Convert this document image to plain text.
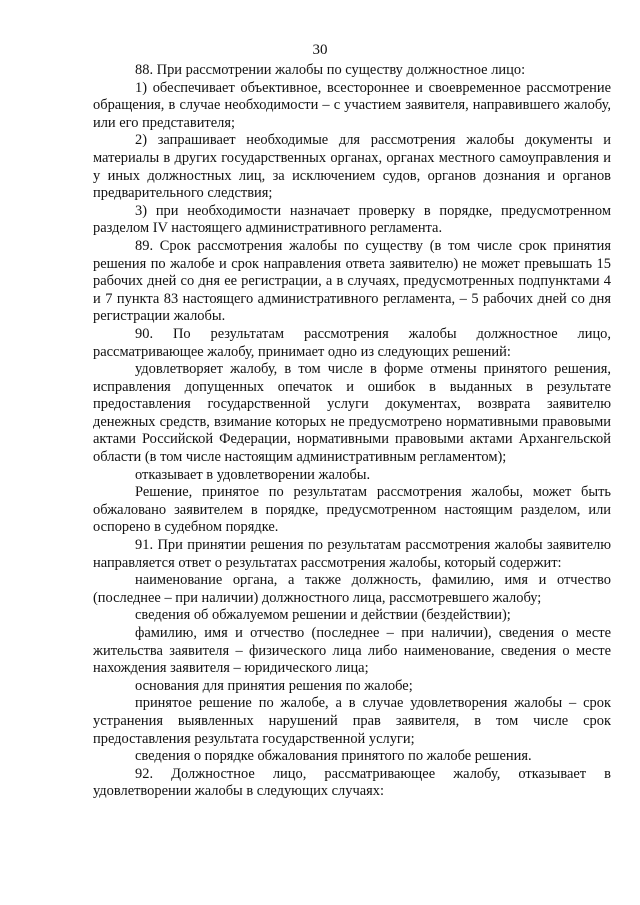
30

88. При рассмотрении жалобы по существу должностное лицо:

1) обеспечивает объективное, всестороннее и своевременное рассмотрение обращения, в случае необходимости – с участием заявителя, направившего жалобу, или его представителя;

2) запрашивает необходимые для рассмотрения жалобы документы и материалы в других государственных органах, органах местного самоуправления и у иных должностных лиц, за исключением судов, органов дознания и органов предварительного следствия;

3) при необходимости назначает проверку в порядке, предусмотренном разделом IV настоящего административного регламента.

89. Срок рассмотрения жалобы по существу (в том числе срок принятия решения по жалобе и срок направления ответа заявителю) не может превышать 15 рабочих дней со дня ее регистрации, а в случаях, предусмотренных подпунктами 4 и 7 пункта 83 настоящего административного регламента, – 5 рабочих дней со дня регистрации жалобы.

90. По результатам рассмотрения жалобы должностное лицо, рассматривающее жалобу, принимает одно из следующих решений:

удовлетворяет жалобу, в том числе в форме отмены принятого решения, исправления допущенных опечаток и ошибок в выданных в результате предоставления государственной услуги документах, возврата заявителю денежных средств, взимание которых не предусмотрено нормативными правовыми актами Российской Федерации, нормативными правовыми актами Архангельской области (в том числе настоящим административным регламентом);

отказывает в удовлетворении жалобы.

Решение, принятое по результатам рассмотрения жалобы, может быть обжаловано заявителем в порядке, предусмотренном настоящим разделом, или оспорено в судебном порядке.

91. При принятии решения по результатам рассмотрения жалобы заявителю направляется ответ о результатах рассмотрения жалобы, который содержит:

наименование органа, а также должность, фамилию, имя и отчество (последнее – при наличии) должностного лица, рассмотревшего жалобу;

сведения об обжалуемом решении и действии (бездействии);

фамилию, имя и отчество (последнее – при наличии), сведения о месте жительства заявителя – физического лица либо наименование, сведения о месте нахождения заявителя – юридического лица;

основания для принятия решения по жалобе;

принятое решение по жалобе, а в случае удовлетворения жалобы – срок устранения выявленных нарушений прав заявителя, в том числе срок предоставления результата государственной услуги;

сведения о порядке обжалования принятого по жалобе решения.

92. Должностное лицо, рассматривающее жалобу, отказывает в удовлетворении жалобы в следующих случаях:
